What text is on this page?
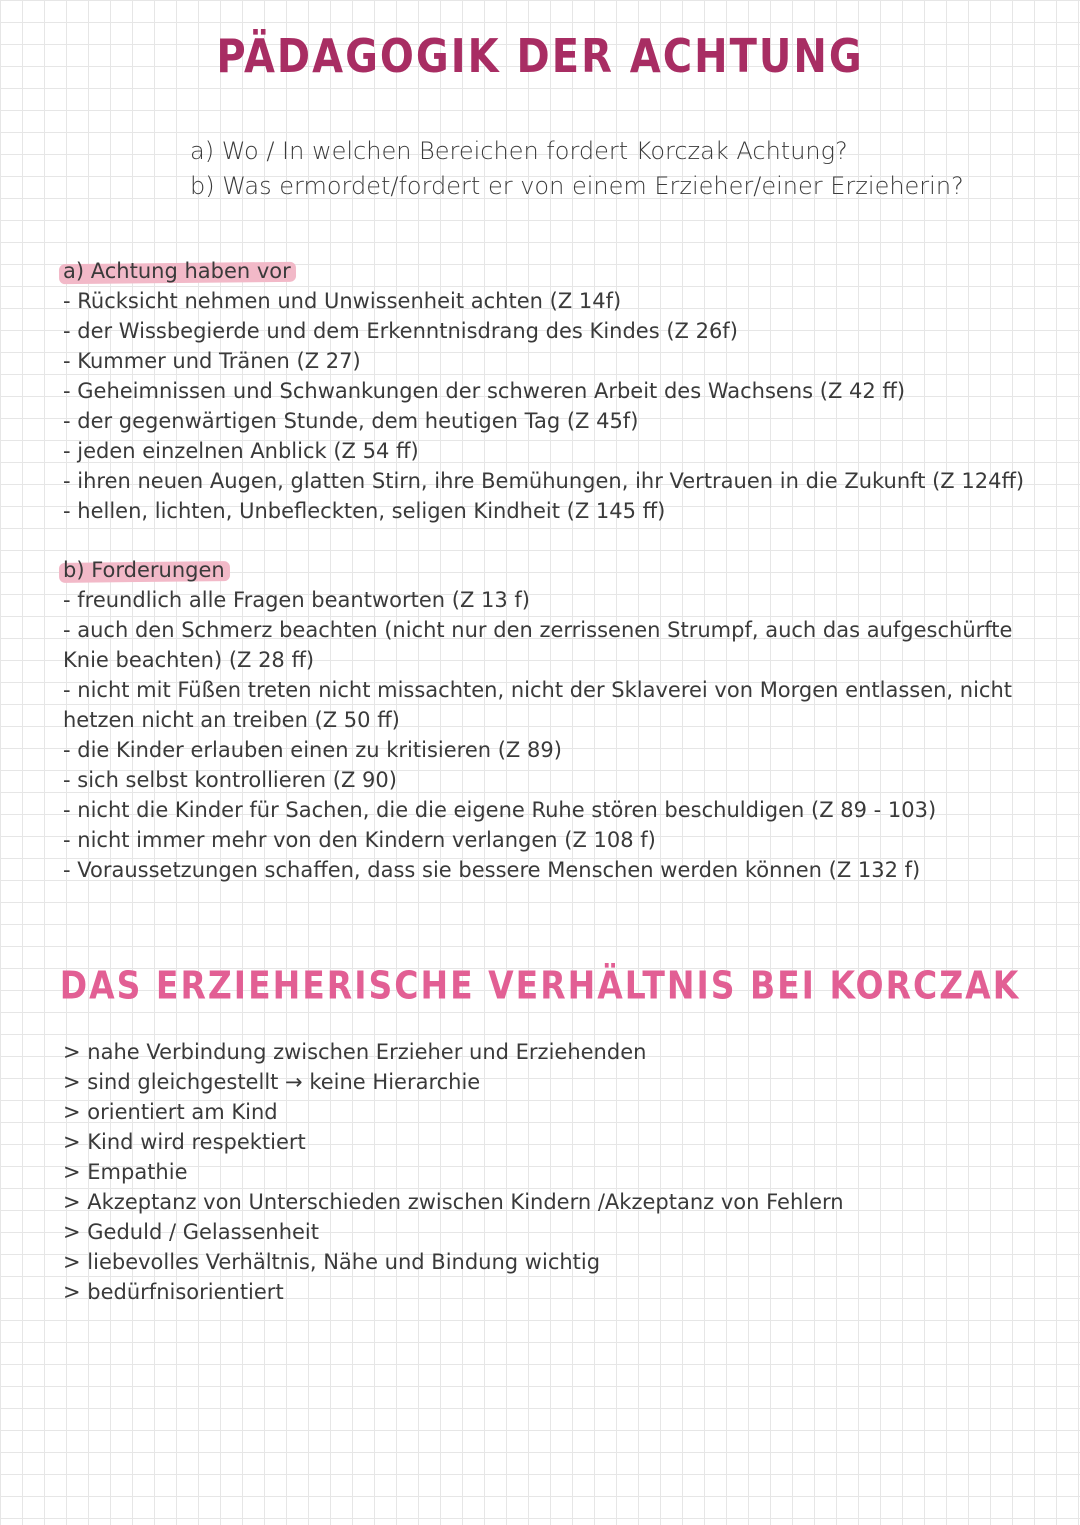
PÄDAGOGIK DER ACHTUNG
a) Wo / In welchen Bereichen fordert Korczak Achtung?
b) Was ermordet/fordert er von einem Erzieher/einer Erzieherin?
a) Achtung haben vor
- Rücksicht nehmen und Unwissenheit achten (Z 14f)
- der Wissbegierde und dem Erkenntnisdrang des Kindes (Z 26f)
- Kummer und Tränen (Z 27)
- Geheimnissen und Schwankungen der schweren Arbeit des Wachsens (Z 42 ff)
- der gegenwärtigen Stunde, dem heutigen Tag (Z 45f)
- jeden einzelnen Anblick (Z 54 ff)
- ihren neuen Augen, glatten Stirn, ihre Bemühungen, ihr Vertrauen in die Zukunft (Z 124ff)
- hellen, lichten, Unbefleckten, seligen Kindheit (Z 145 ff)
b) Forderungen
- freundlich alle Fragen beantworten (Z 13 f)
- auch den Schmerz beachten (nicht nur den zerrissenen Strumpf, auch das aufgeschürfte Knie beachten) (Z 28 ff)
- nicht mit Füßen treten nicht missachten, nicht der Sklaverei von Morgen entlassen, nicht hetzen nicht an treiben (Z 50 ff)
- die Kinder erlauben einen zu kritisieren (Z 89)
- sich selbst kontrollieren (Z 90)
- nicht die Kinder für Sachen, die die eigene Ruhe stören beschuldigen (Z 89 - 103)
- nicht immer mehr von den Kindern verlangen (Z 108 f)
- Voraussetzungen schaffen, dass sie bessere Menschen werden können (Z 132 f)
DAS ERZIEHERISCHE VERHÄLTNIS BEI KORCZAK
> nahe Verbindung zwischen Erzieher und Erziehenden
> sind gleichgestellt → keine Hierarchie
> orientiert am Kind
> Kind wird respektiert
> Empathie
> Akzeptanz von Unterschieden zwischen Kindern /Akzeptanz von Fehlern
> Geduld / Gelassenheit
> liebevolles Verhältnis, Nähe und Bindung wichtig
> bedürfnisorientiert
